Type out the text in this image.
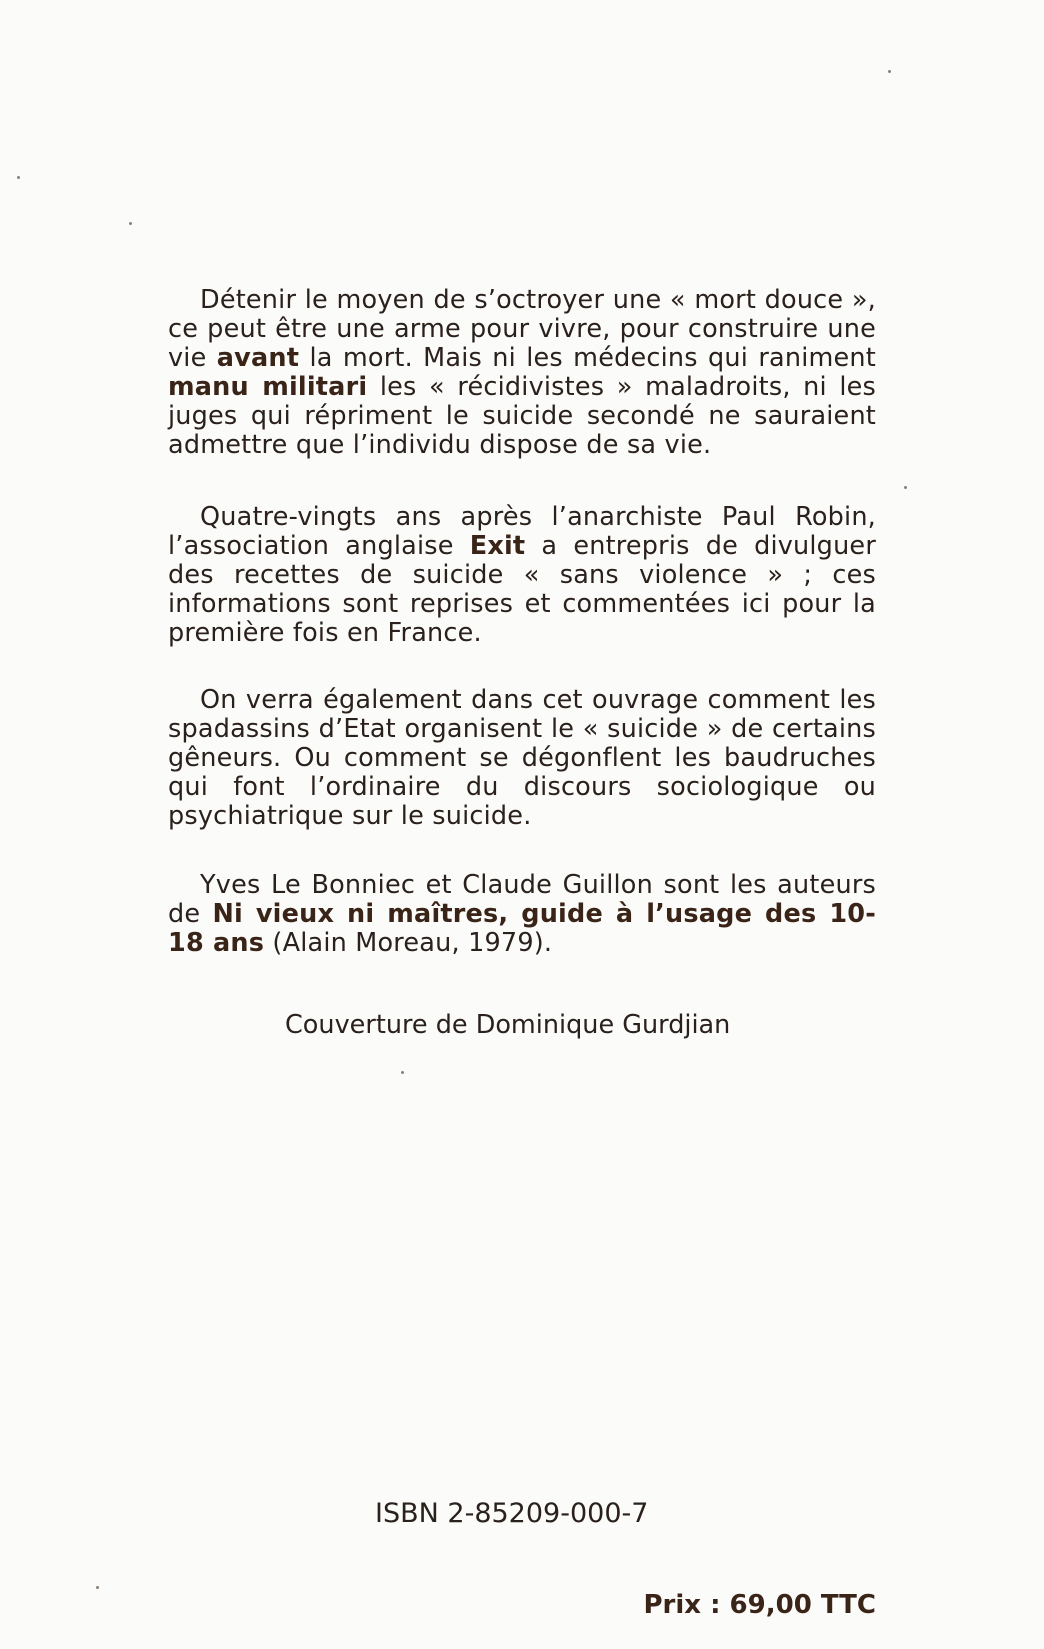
Détenir le moyen de s’octroyer une « mort douce », ce peut être une arme pour vivre, pour construire une vie avant la mort. Mais ni les médecins qui raniment manu militari les « récidivistes » maladroits, ni les juges qui répriment le suicide secondé ne sauraient admettre que l’individu dispose de sa vie.

Quatre-vingts ans après l’anarchiste Paul Robin, l’association anglaise Exit a entrepris de divulguer des recettes de suicide « sans violence » ; ces informations sont reprises et commentées ici pour la première fois en France.

On verra également dans cet ouvrage comment les spadassins d’Etat organisent le « suicide » de certains gêneurs. Ou comment se dégonflent les baudruches qui font l’ordinaire du discours sociologique ou psychiatrique sur le suicide.

Yves Le Bonniec et Claude Guillon sont les auteurs de Ni vieux ni maîtres, guide à l’usage des 10-18 ans (Alain Moreau, 1979).

Couverture de Dominique Gurdjian
ISBN 2-85209-000-7
Prix : 69,00 TTC
